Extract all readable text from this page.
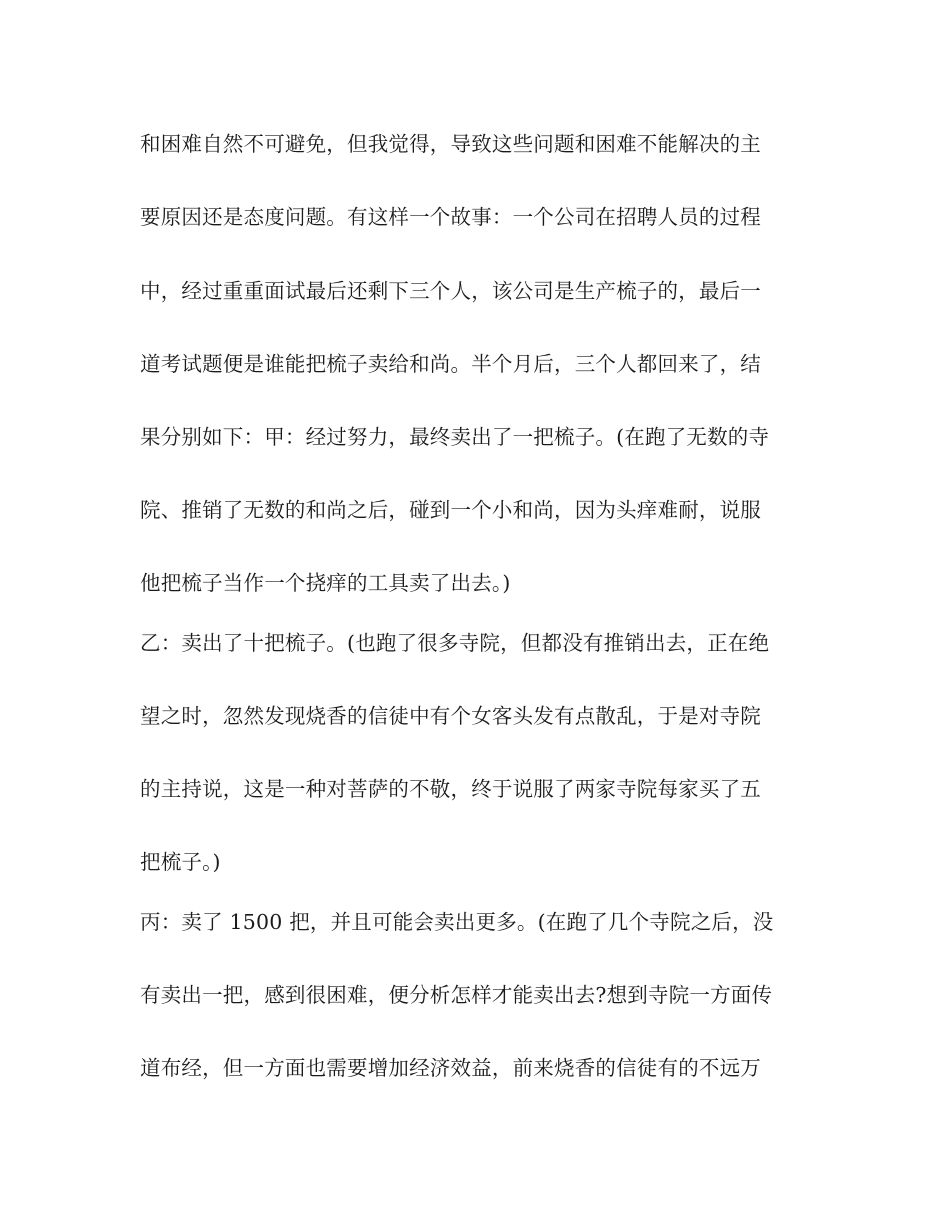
和困难自然不可避免，但我觉得，导致这些问题和困难不能解决的主
要原因还是态度问题。有这样一个故事：一个公司在招聘人员的过程
中，经过重重面试最后还剩下三个人，该公司是生产梳子的，最后一
道考试题便是谁能把梳子卖给和尚。半个月后，三个人都回来了，结
果分别如下：甲：经过努力，最终卖出了一把梳子。(在跑了无数的寺
院、推销了无数的和尚之后，碰到一个小和尚，因为头痒难耐，说服
他把梳子当作一个挠痒的工具卖了出去。)
乙：卖出了十把梳子。(也跑了很多寺院，但都没有推销出去，正在绝
望之时，忽然发现烧香的信徒中有个女客头发有点散乱，于是对寺院
的主持说，这是一种对菩萨的不敬，终于说服了两家寺院每家买了五
把梳子。)
丙：卖了 1500 把，并且可能会卖出更多。(在跑了几个寺院之后，没
有卖出一把，感到很困难，便分析怎样才能卖出去?想到寺院一方面传
道布经，但一方面也需要增加经济效益，前来烧香的信徒有的不远万
